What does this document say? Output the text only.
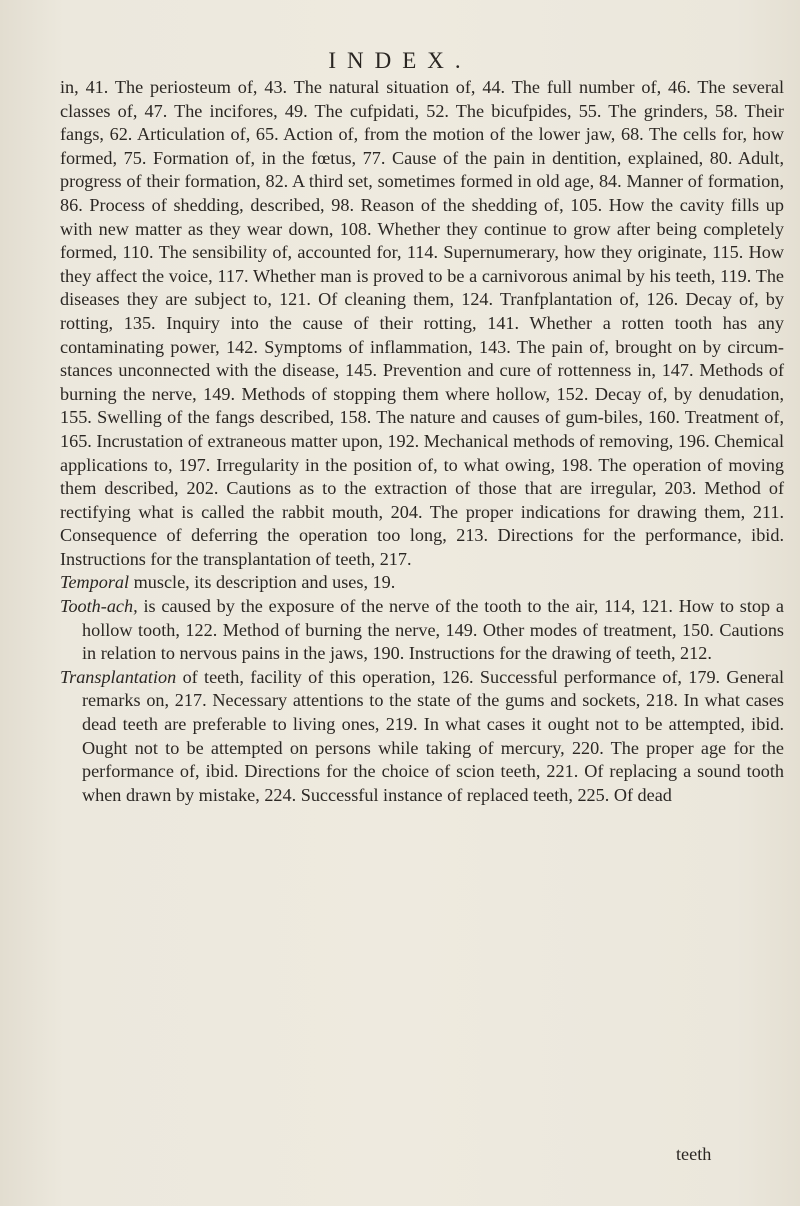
INDEX.

in, 41. The periosteum of, 43. The natural situation of, 44. The full number of, 46. The several classes of, 47. The incifores, 49. The cufpidati, 52. The bicufpides, 55. The grinders, 58. Their fangs, 62. Articulation of, 65. Action of, from the motion of the lower jaw, 68. The cells for, how formed, 75. Formation of, in the fœtus, 77. Cause of the pain in dentition, explained, 80. Adult, progress of their formation, 82. A third set, sometimes formed in old age, 84. Manner of formation, 86. Process of shedding, described, 98. Reason of the shedding of, 105. How the cavity fills up with new matter as they wear down, 108. Whether they continue to grow after being completely formed, 110. The sensibility of, accounted for, 114. Supernumerary, how they originate, 115. How they affect the voice, 117. Whether man is proved to be a carnivorous animal by his teeth, 119. The diseases they are subject to, 121. Of cleaning them, 124. Tranfplantation of, 126. Decay of, by rotting, 135. Inquiry into the cause of their rotting, 141. Whether a rotten tooth has any contaminating power, 142. Symptoms of inflammation, 143. The pain of, brought on by circum-stances unconnected with the disease, 145. Prevention and cure of rottenness in, 147. Methods of burning the nerve, 149. Methods of stopping them where hollow, 152. Decay of, by denudation, 155. Swelling of the fangs described, 158. The nature and causes of gum-biles, 160. Treatment of, 165. Incrustation of extraneous matter upon, 192. Mechanical methods of removing, 196. Chemical applications to, 197. Irregularity in the position of, to what owing, 198. The operation of moving them described, 202. Cautions as to the extraction of those that are irregular, 203. Method of rectifying what is called the rabbit mouth, 204. The proper indications for drawing them, 211. Consequence of deferring the operation too long, 213. Directions for the performance, ibid. Instructions for the transplantation of teeth, 217.

Temporal muscle, its description and uses, 19.

Tooth-ach, is caused by the exposure of the nerve of the tooth to the air, 114, 121. How to stop a hollow tooth, 122. Method of burning the nerve, 149. Other modes of treatment, 150. Cautions in relation to nervous pains in the jaws, 190. Instructions for the drawing of teeth, 212.

Transplantation of teeth, facility of this operation, 126. Successful performance of, 179. General remarks on, 217. Necessary attentions to the state of the gums and sockets, 218. In what cases dead teeth are preferable to living ones, 219. In what cases it ought not to be attempted, ibid. Ought not to be attempted on persons while taking of mercury, 220. The proper age for the performance of, ibid. Directions for the choice of scion teeth, 221. Of replacing a sound tooth when drawn by mistake, 224. Successful instance of replaced teeth, 225. Of dead

teeth
